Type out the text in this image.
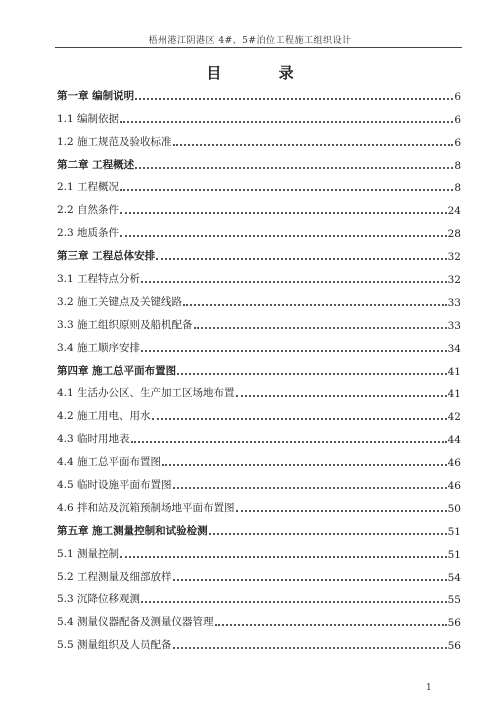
梧州港江阴港区 4#、5#泊位工程施工组织设计
目 录
第一章 编制说明	6
1.1 编制依据	6
1.2 施工规范及验收标准	6
第二章 工程概述	8
2.1 工程概况	8
2.2 自然条件	24
2.3 地质条件	28
第三章 工程总体安排	32
3.1 工程特点分析	32
3.2 施工关键点及关键线路	33
3.3 施工组织原则及船机配备	33
3.4 施工顺序安排	34
第四章 施工总平面布置图	41
4.1 生活办公区、生产加工区场地布置	41
4.2 施工用电、用水	42
4.3 临时用地表	44
4.4 施工总平面布置图	46
4.5 临时设施平面布置图	46
4.6 拌和站及沉箱预制场地平面布置图	50
第五章 施工测量控制和试验检测	51
5.1 测量控制	51
5.2 工程测量及细部放样	54
5.3 沉降位移观测	55
5.4 测量仪器配备及测量仪器管理	56
5.5 测量组织及人员配备	56
1
